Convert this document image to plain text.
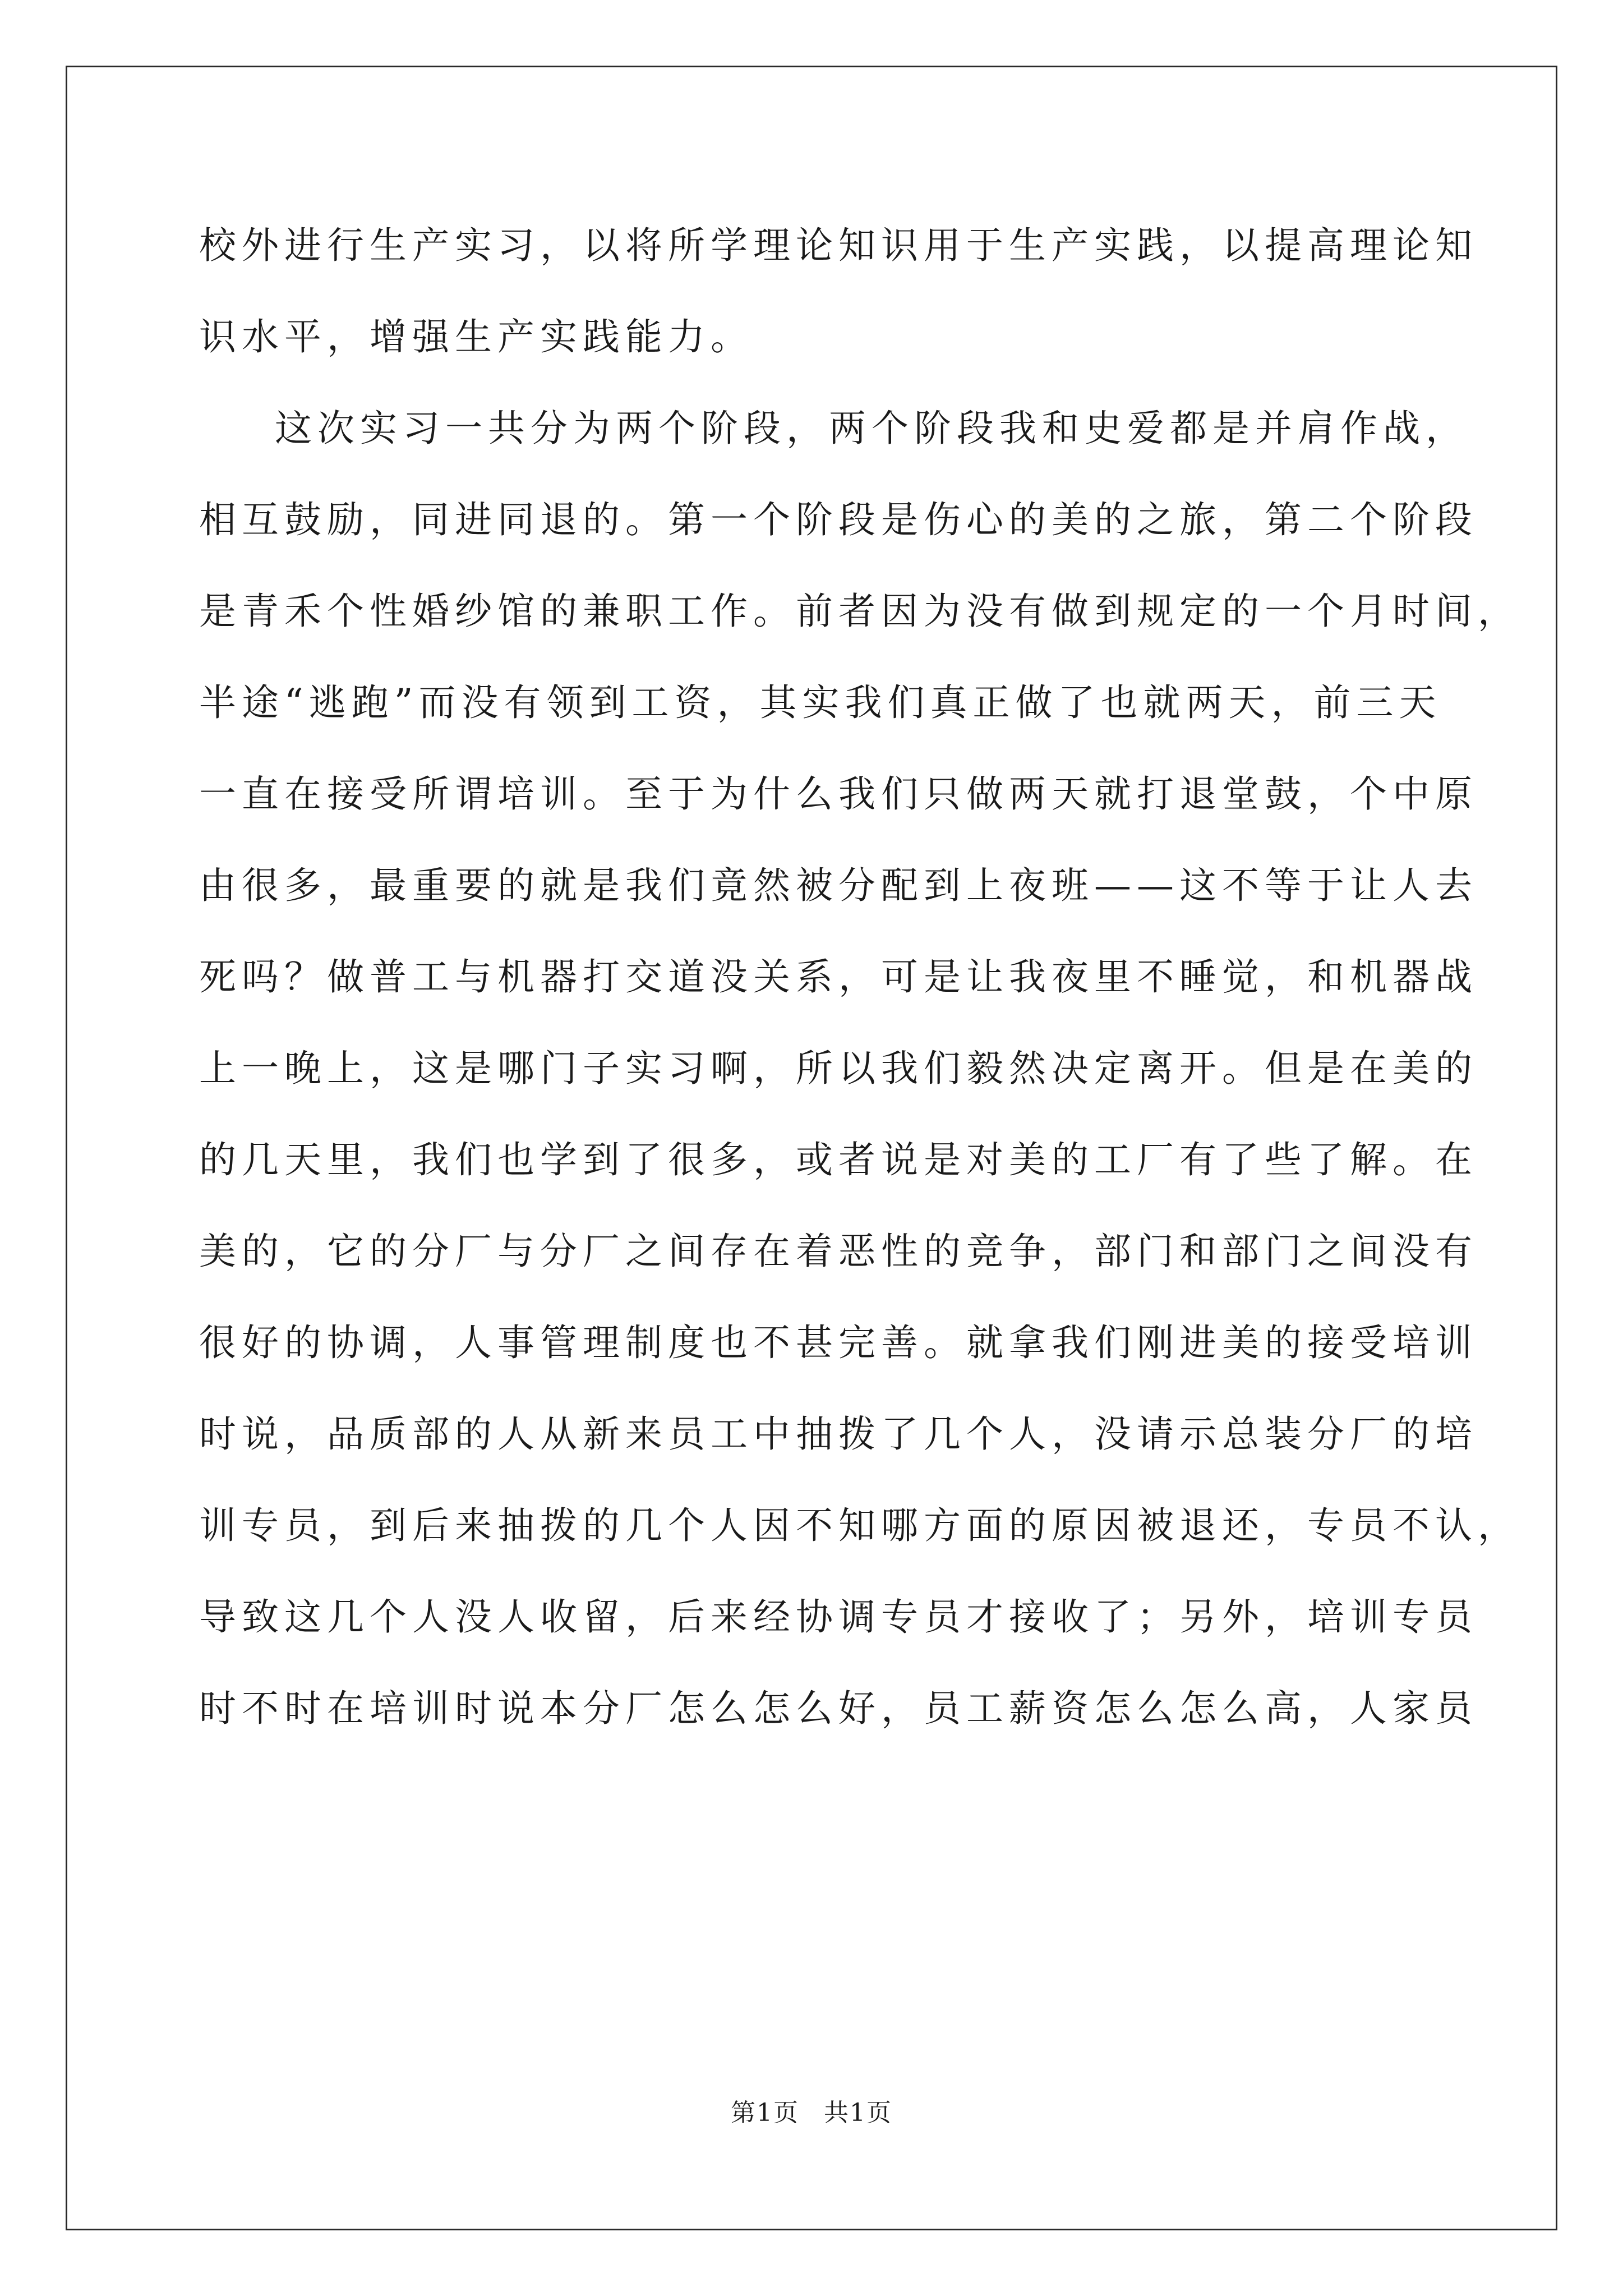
校外进行生产实习，以将所学理论知识用于生产实践，以提高理论知
识水平，增强生产实践能力。
这次实习一共分为两个阶段，两个阶段我和史爱都是并肩作战，
相互鼓励，同进同退的。第一个阶段是伤心的美的之旅，第二个阶段
是青禾个性婚纱馆的兼职工作。前者因为没有做到规定的一个月时间，
半途“逃跑”而没有领到工资，其实我们真正做了也就两天，前三天
一直在接受所谓培训。至于为什么我们只做两天就打退堂鼓，个中原
由很多，最重要的就是我们竟然被分配到上夜班——这不等于让人去
死吗？做普工与机器打交道没关系，可是让我夜里不睡觉，和机器战
上一晚上，这是哪门子实习啊，所以我们毅然决定离开。但是在美的
的几天里，我们也学到了很多，或者说是对美的工厂有了些了解。在
美的，它的分厂与分厂之间存在着恶性的竞争，部门和部门之间没有
很好的协调，人事管理制度也不甚完善。就拿我们刚进美的接受培训
时说，品质部的人从新来员工中抽拨了几个人，没请示总装分厂的培
训专员，到后来抽拨的几个人因不知哪方面的原因被退还，专员不认，
导致这几个人没人收留，后来经协调专员才接收了；另外，培训专员
时不时在培训时说本分厂怎么怎么好，员工薪资怎么怎么高，人家员
第1页 共1页
